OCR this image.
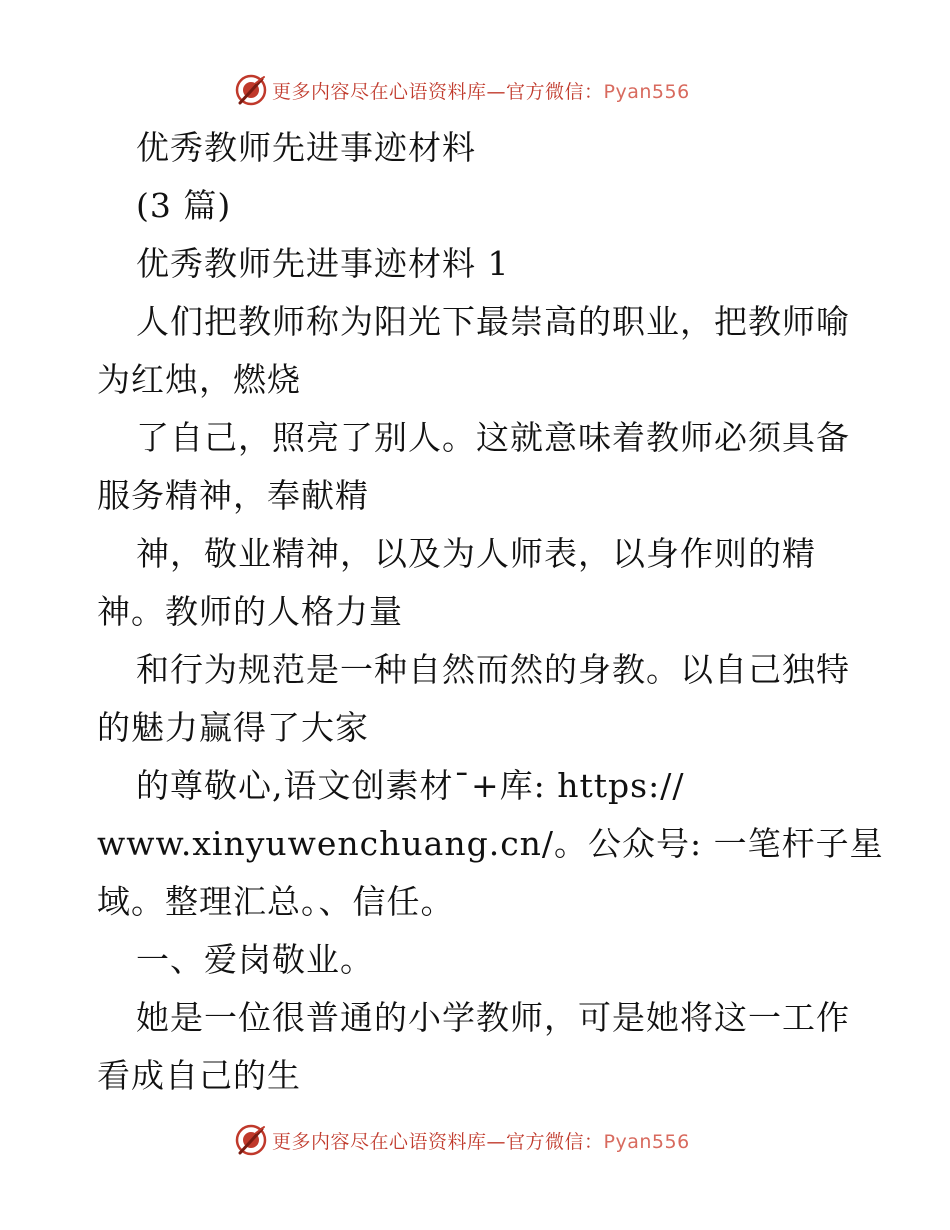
更多内容尽在心语资料库—官方微信：Pyan556
优秀教师先进事迹材料
(3 篇)
优秀教师先进事迹材料 1
人们把教师称为阳光下最崇高的职业，把教师喻
为红烛，燃烧
了自己，照亮了别人。这就意味着教师必须具备
服务精神，奉献精
神，敬业精神，以及为人师表，以身作则的精
神。教师的人格力量
和行为规范是一种自然而然的身教。以自己独特
的魅力赢得了大家
的尊敬心,语文创素材¯+库: https://
www.xinyuwenchuang.cn/。公众号: 一笔杆子星
域。整理汇总。、信任。
一、爱岗敬业。
她是一位很普通的小学教师，可是她将这一工作
看成自己的生
更多内容尽在心语资料库—官方微信：Pyan556
